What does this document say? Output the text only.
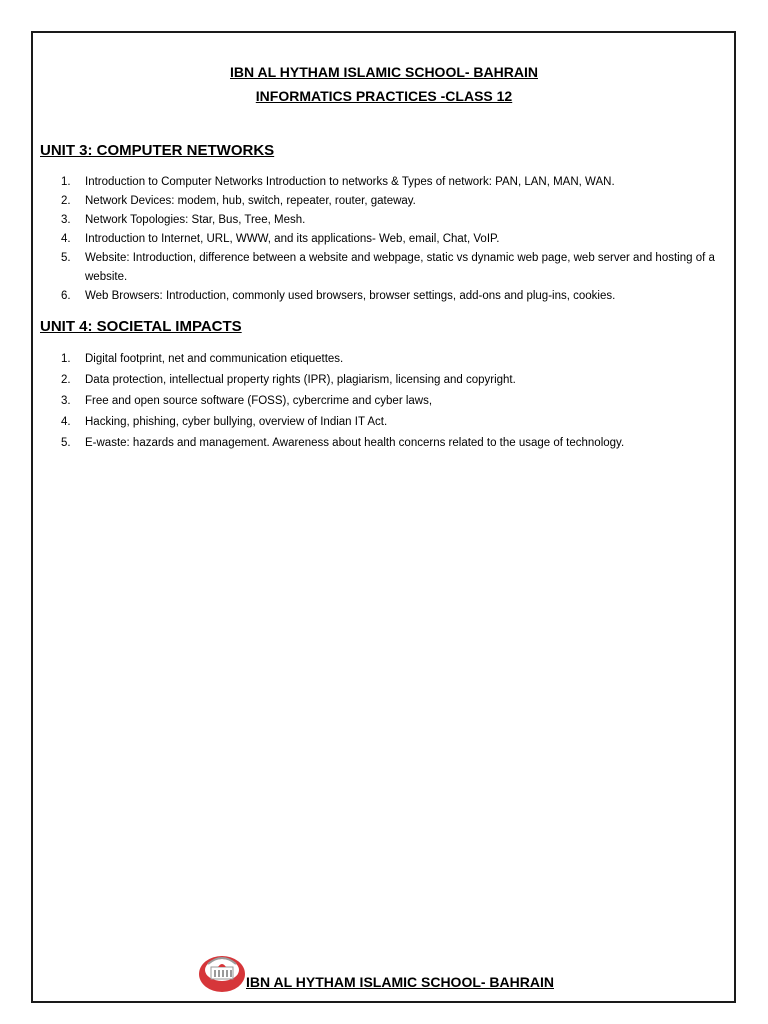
IBN AL HYTHAM ISLAMIC SCHOOL- BAHRAIN
INFORMATICS PRACTICES -CLASS 12
UNIT 3: COMPUTER NETWORKS
1. Introduction to Computer Networks Introduction to networks & Types of network: PAN, LAN, MAN, WAN.
2. Network Devices: modem, hub, switch, repeater, router, gateway.
3. Network Topologies: Star, Bus, Tree, Mesh.
4. Introduction to Internet, URL, WWW, and its applications- Web, email, Chat, VoIP.
5. Website: Introduction, difference between a website and webpage, static vs dynamic web page, web server and hosting of a website.
6. Web Browsers: Introduction, commonly used browsers, browser settings, add-ons and plug-ins, cookies.
UNIT 4: SOCIETAL IMPACTS
1. Digital footprint, net and communication etiquettes.
2. Data protection, intellectual property rights (IPR), plagiarism, licensing and copyright.
3. Free and open source software (FOSS), cybercrime and cyber laws,
4. Hacking, phishing, cyber bullying, overview of Indian IT Act.
5. E-waste: hazards and management. Awareness about health concerns related to the usage of technology.
IBN AL HYTHAM ISLAMIC SCHOOL- BAHRAIN
